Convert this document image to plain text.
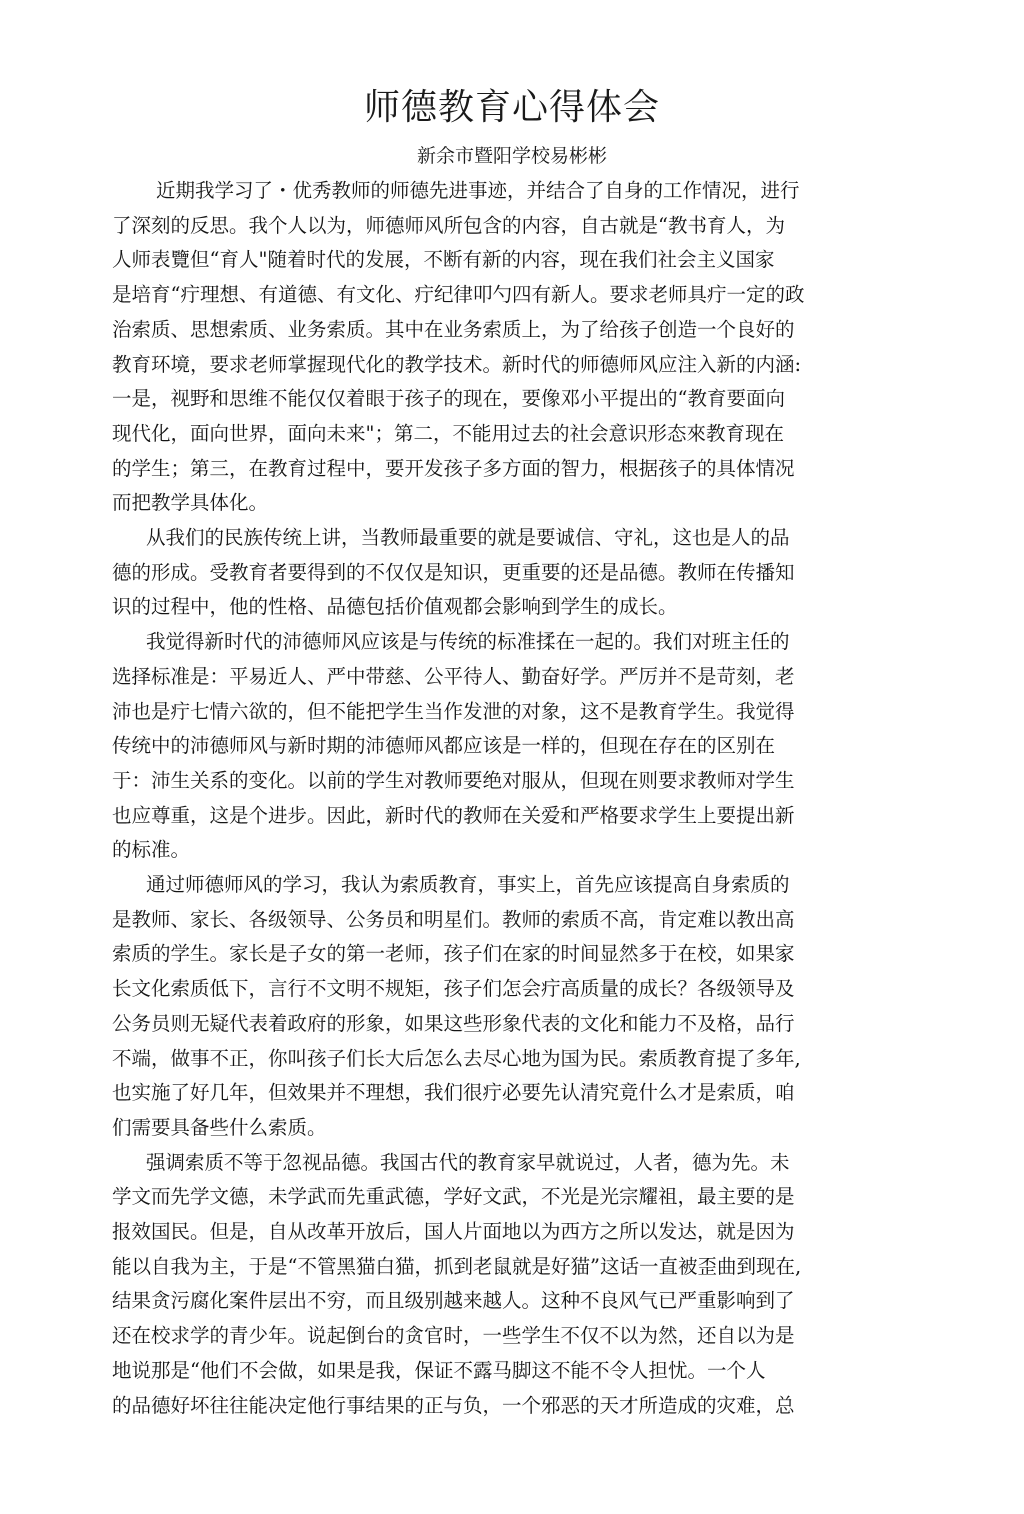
师德教育心得体会
新余市暨阳学校易彬彬
近期我学习了・优秀教师的师德先进事迹，并结合了自身的工作情况，进行
了深刻的反思。我个人以为，师德师风所包含的内容，自古就是“教书育人，为
人师表覽但“育人"随着时代的发展，不断有新的内容，现在我们社会主义国家
是培育“疔理想、有道德、有文化、疔纪律叩勺四有新人。要求老师具疔一定的政
治索质、思想索质、业务索质。其中在业务索质上，为了给孩子创造一个良好的
教育环境，要求老师掌握现代化的教学技术。新时代的师德师风应注入新的内涵:
一是，视野和思维不能仅仅着眼于孩子的现在，要像邓小平提出的“教育要面向
现代化，面向世界，面向未来"；第二，不能用过去的社会意识形态來教育现在
的学生；第三，在教育过程中，要开发孩子多方面的智力，根据孩子的具体情况
而把教学具体化。
从我们的民族传统上讲，当教师最重要的就是要诚信、守礼，这也是人的品
德的形成。受教育者要得到的不仅仅是知识，更重要的还是品德。教师在传播知
识的过程中，他的性格、品德包括价值观都会影响到学生的成长。
我觉得新时代的沛德师风应该是与传统的标准揉在一起的。我们对班主任的
选择标准是：平易近人、严中带慈、公平待人、勤奋好学。严厉并不是苛刻，老
沛也是疔七情六欲的，但不能把学生当作发泄的对象，这不是教育学生。我觉得
传统中的沛德师风与新时期的沛德师风都应该是一样的，但现在存在的区别在
于：沛生关系的变化。以前的学生对教师要绝对服从，但现在则要求教师对学生
也应尊重，这是个进步。因此，新时代的教师在关爱和严格要求学生上要提出新
的标准。
通过师德师风的学习，我认为索质教育，事实上，首先应该提高自身索质的
是教师、家长、各级领导、公务员和明星们。教师的索质不高，肯定难以教出高
索质的学生。家长是子女的第一老师，孩子们在家的时间显然多于在校，如果家
长文化索质低下，言行不文明不规矩，孩子们怎会疔高质量的成长？各级领导及
公务员则无疑代表着政府的形象，如果这些形象代表的文化和能力不及格，品行
不端，做事不正，你叫孩子们长大后怎么去尽心地为国为民。索质教育提了多年,
也实施了好几年，但效果并不理想，我们很疔必要先认清究竟什么才是索质，咱
们需要具备些什么索质。
强调索质不等于忽视品德。我国古代的教育家早就说过，人者，德为先。未
学文而先学文德，未学武而先重武德，学好文武，不光是光宗耀祖，最主要的是
报效国民。但是，自从改革开放后，国人片面地以为西方之所以发达，就是因为
能以自我为主，于是“不管黑猫白猫，抓到老鼠就是好猫”这话一直被歪曲到现在,
结果贪污腐化案件层出不穷，而且级别越来越人。这种不良风气已严重影响到了
还在校求学的青少年。说起倒台的贪官时，一些学生不仅不以为然，还自以为是
地说那是“他们不会做，如果是我，保证不露马脚这不能不令人担忧。一个人
的品德好坏往往能决定他行事结果的正与负，一个邪恶的天才所造成的灾难，总
